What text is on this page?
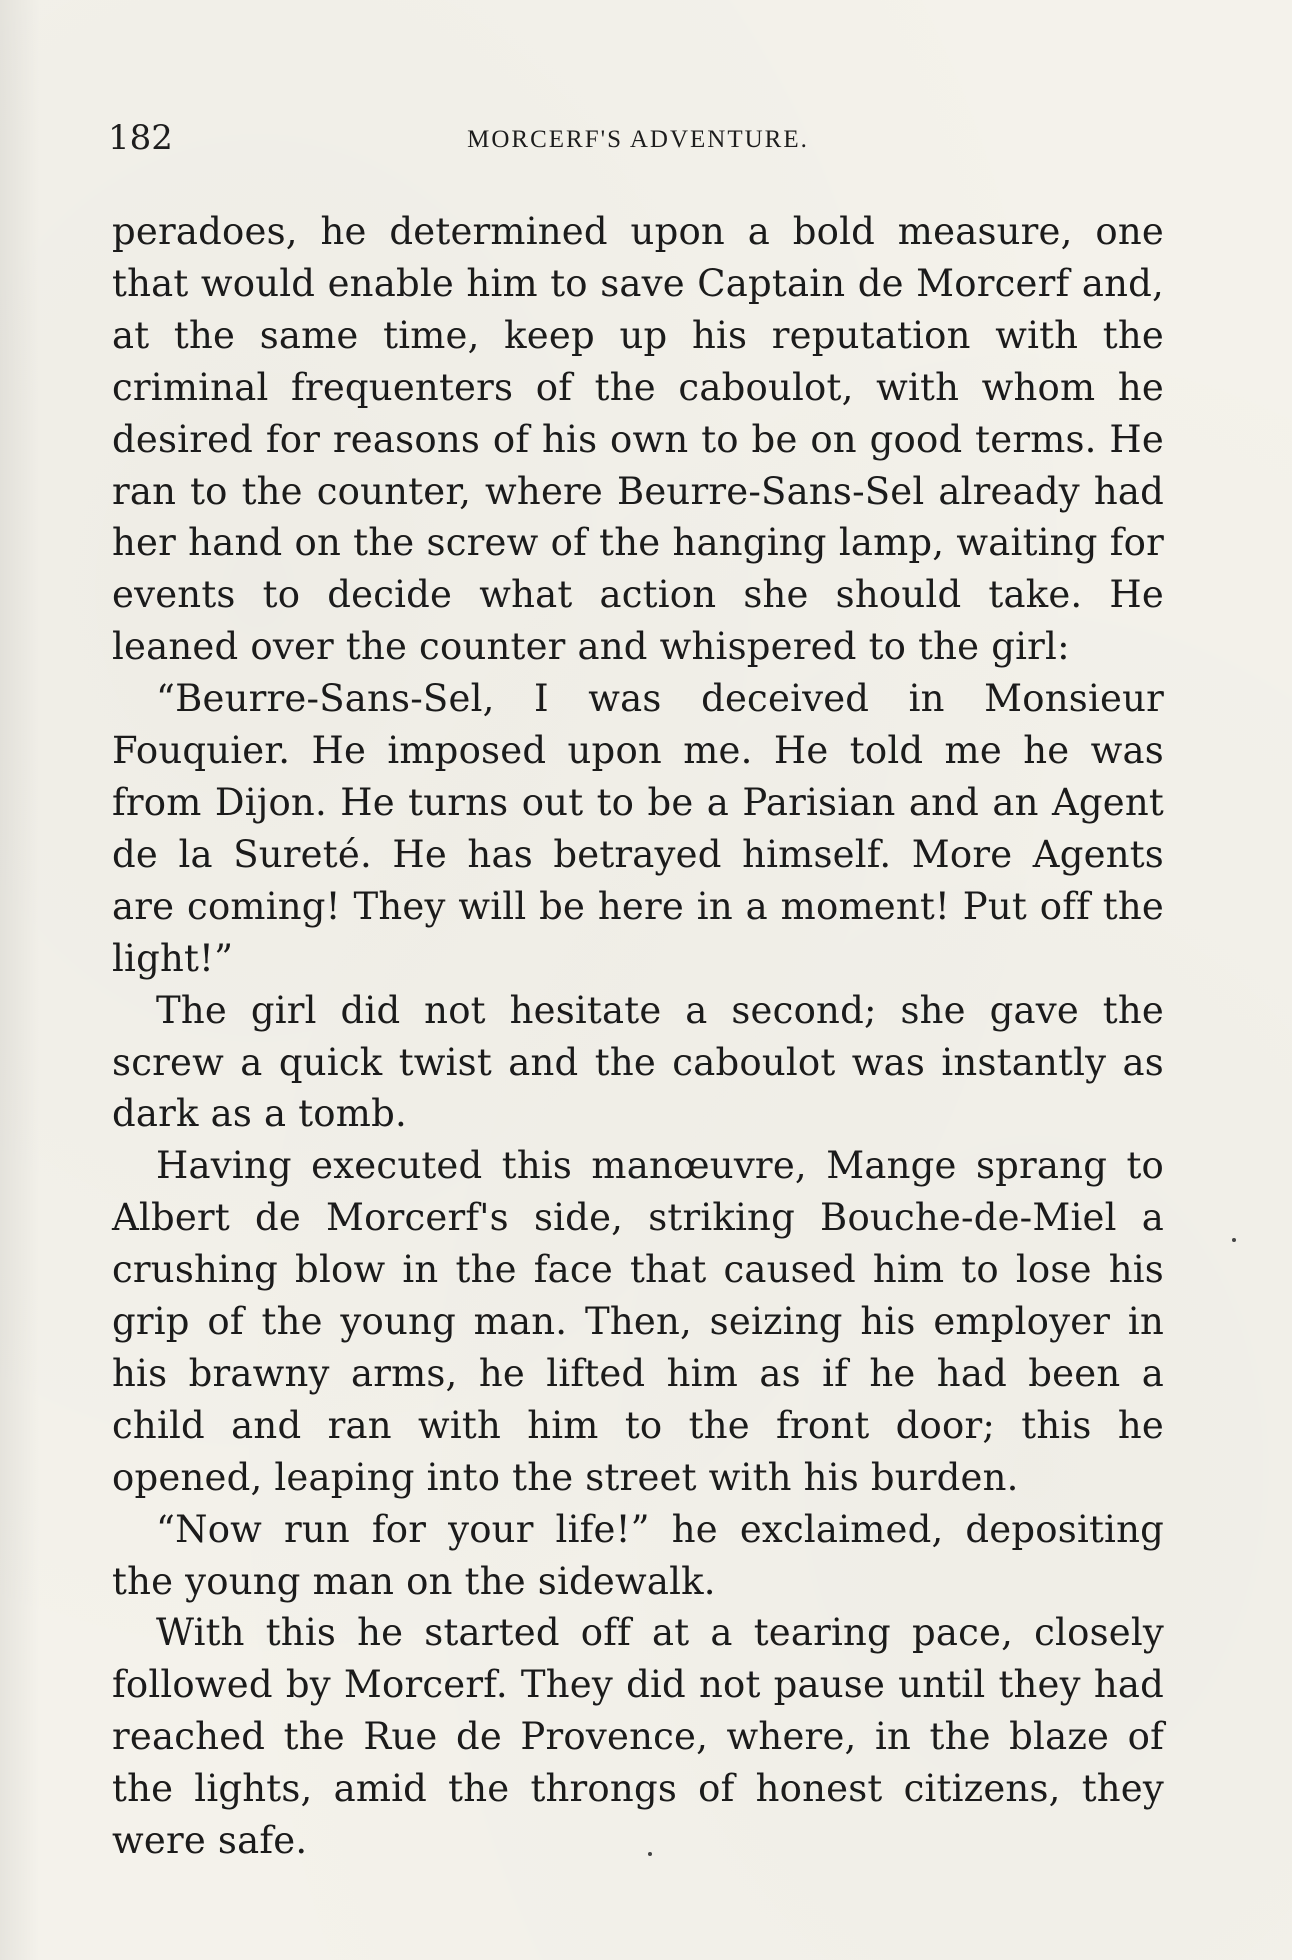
182	MORCERF'S ADVENTURE.

peradoes, he determined upon a bold measure, one that would enable him to save Captain de Morcerf and, at the same time, keep up his reputation with the criminal frequenters of the caboulot, with whom he desired for reasons of his own to be on good terms. He ran to the counter, where Beurre-Sans-Sel already had her hand on the screw of the hanging lamp, waiting for events to decide what action she should take. He leaned over the counter and whispered to the girl:

“Beurre-Sans-Sel, I was deceived in Monsieur Fouquier. He imposed upon me. He told me he was from Dijon. He turns out to be a Parisian and an Agent de la Sureté. He has betrayed himself. More Agents are coming! They will be here in a moment! Put off the light!”

The girl did not hesitate a second; she gave the screw a quick twist and the caboulot was instantly as dark as a tomb.

Having executed this manœuvre, Mange sprang to Albert de Morcerf's side, striking Bouche-de-Miel a crushing blow in the face that caused him to lose his grip of the young man. Then, seizing his employer in his brawny arms, he lifted him as if he had been a child and ran with him to the front door; this he opened, leaping into the street with his burden.

“Now run for your life!” he exclaimed, depositing the young man on the sidewalk.

With this he started off at a tearing pace, closely followed by Morcerf. They did not pause until they had reached the Rue de Provence, where, in the blaze of the lights, amid the throngs of honest citizens, they were safe.
